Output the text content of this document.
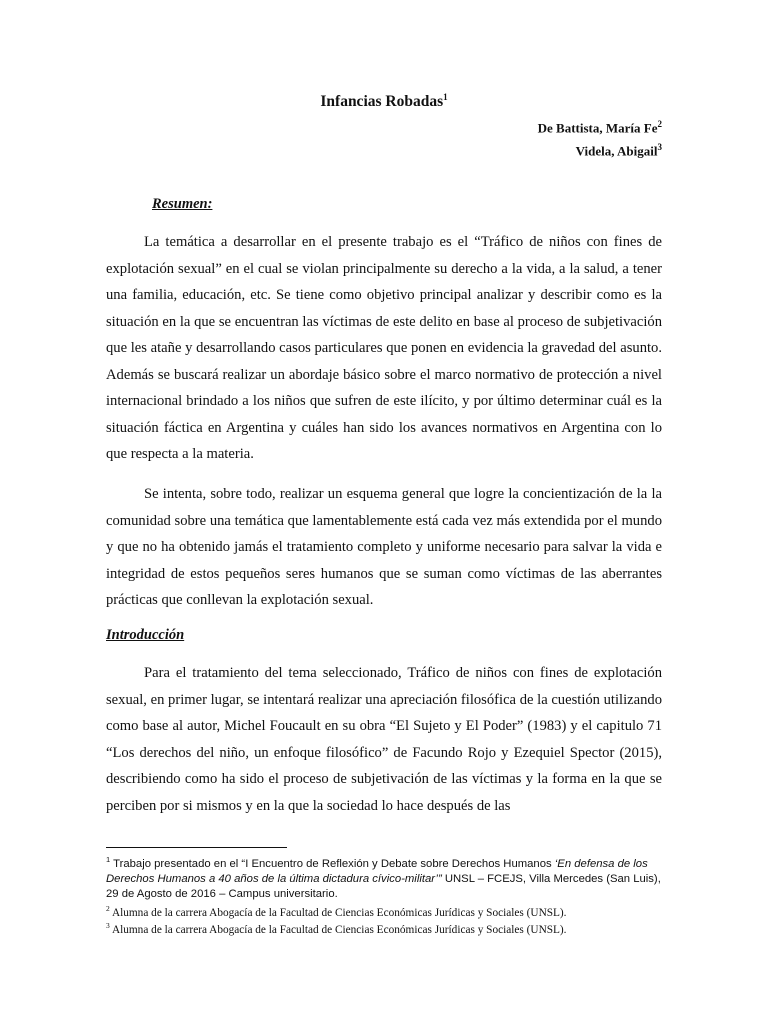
Infancias Robadas$^1$
De Battista, María Fe$^2$
Videla, Abigail$^3$
Resumen:
La temática a desarrollar en el presente trabajo es el “Tráfico de niños con fines de explotación sexual” en el cual se violan principalmente su derecho a la vida, a la salud, a tener una familia, educación, etc. Se tiene como objetivo principal analizar y describir como es la situación en la que se encuentran las víctimas de este delito en base al proceso de subjetivación que les atañe y desarrollando casos particulares que ponen en evidencia la gravedad del asunto. Además se buscará realizar un abordaje básico sobre el marco normativo de protección a nivel internacional brindado a los niños que sufren de este ilícito, y por último determinar cuál es la situación fáctica en Argentina y cuáles han sido los avances normativos en Argentina con lo que respecta a la materia.
Se intenta, sobre todo, realizar un esquema general que logre la concientización de la la comunidad sobre una temática que lamentablemente está cada vez más extendida por el mundo y que no ha obtenido jamás el tratamiento completo y uniforme necesario para salvar la vida e integridad de estos pequeños seres humanos que se suman como víctimas de las aberrantes prácticas que conllevan la explotación sexual.
Introducción
Para el tratamiento del tema seleccionado, Tráfico de niños con fines de explotación sexual, en primer lugar, se intentará realizar una apreciación filosófica de la cuestión utilizando como base al autor, Michel Foucault en su obra “El Sujeto y El Poder” (1983) y el capitulo 71 “Los derechos del niño, un enfoque filosófico” de Facundo Rojo y Ezequiel Spector (2015), describiendo como ha sido el proceso de subjetivación de las víctimas y la forma en la que se perciben por si mismos y en la que la sociedad lo hace después de las
$^1$ Trabajo presentado en el “I Encuentro de Reflexión y Debate sobre Derechos Humanos ‘En defensa de los Derechos Humanos a 40 años de la última dictadura cívico-militar’” UNSL – FCEJS, Villa Mercedes (San Luis), 29 de Agosto de 2016 – Campus universitario.
$^2$ Alumna de la carrera Abogacía de la Facultad de Ciencias Económicas Jurídicas y Sociales (UNSL).
$^3$ Alumna de la carrera Abogacía de la Facultad de Ciencias Económicas Jurídicas y Sociales (UNSL).
